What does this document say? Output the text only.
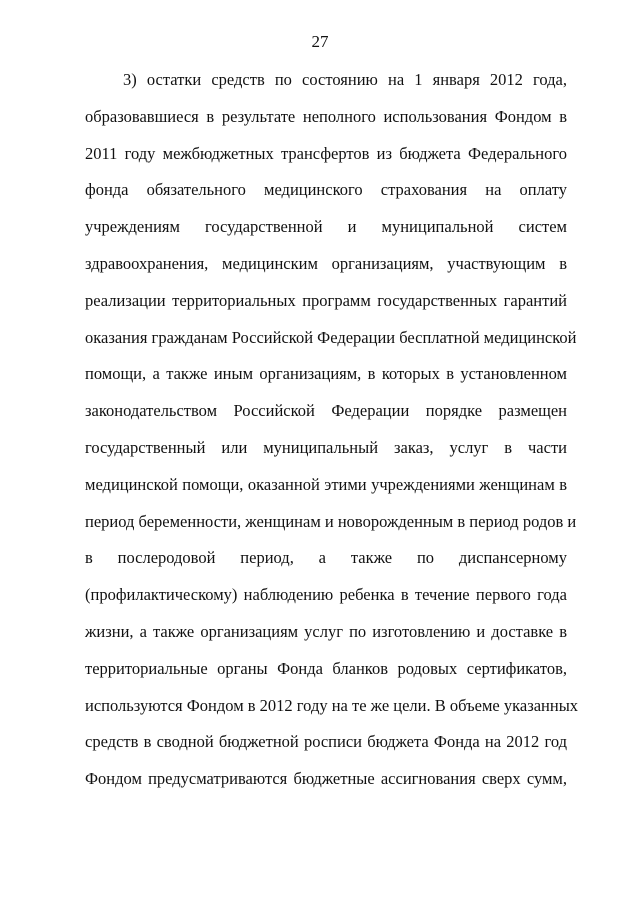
27
3) остатки средств по состоянию на 1 января 2012 года,
образовавшиеся в результате неполного использования Фондом в
2011 году межбюджетных трансфертов из бюджета Федерального
фонда обязательного медицинского страхования на оплату
учреждениям государственной и муниципальной систем
здравоохранения, медицинским организациям, участвующим в
реализации территориальных программ государственных гарантий
оказания гражданам Российской Федерации бесплатной медицинской
помощи, а также иным организациям, в которых в установленном
законодательством Российской Федерации порядке размещен
государственный или муниципальный заказ, услуг в части
медицинской помощи, оказанной этими учреждениями женщинам в
период беременности, женщинам и новорожденным в период родов и
в послеродовой период, а также по диспансерному
(профилактическому) наблюдению ребенка в течение первого года
жизни, а также организациям услуг по изготовлению и доставке в
территориальные органы Фонда бланков родовых сертификатов,
используются Фондом в 2012 году на те же цели. В объеме указанных
средств в сводной бюджетной росписи бюджета Фонда на 2012 год
Фондом предусматриваются бюджетные ассигнования сверх сумм,
